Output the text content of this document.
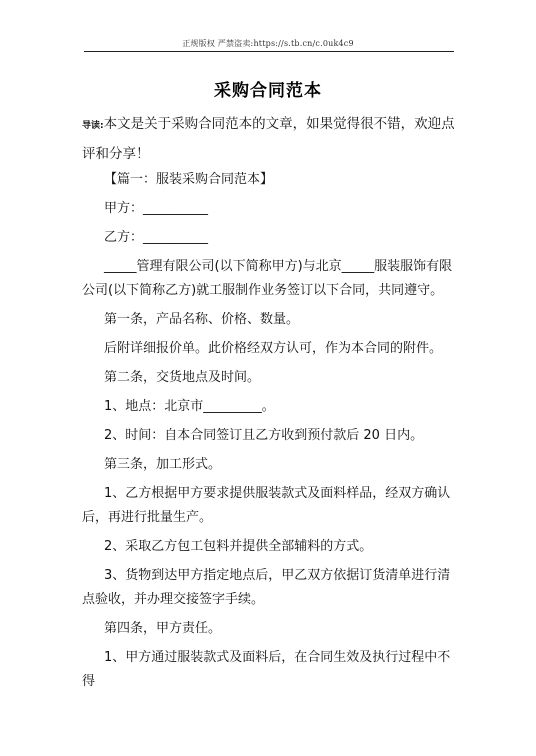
正规版权 严禁盗卖:https://s.tb.cn/c.0uk4c9
采购合同范本
导读:本文是关于采购合同范本的文章，如果觉得很不错，欢迎点评和分享！

【篇一：服装采购合同范本】

甲方：__________

乙方：__________

_____管理有限公司(以下简称甲方)与北京_____服装服饰有限公司(以下简称乙方)就工服制作业务签订以下合同，共同遵守。

第一条，产品名称、价格、数量。

后附详细报价单。此价格经双方认可，作为本合同的附件。

第二条，交货地点及时间。

1、地点：北京市_________。

2、时间：自本合同签订且乙方收到预付款后 20 日内。

第三条，加工形式。

1、乙方根据甲方要求提供服装款式及面料样品，经双方确认后，再进行批量生产。

2、采取乙方包工包料并提供全部辅料的方式。

3、货物到达甲方指定地点后，甲乙双方依据订货清单进行清点验收，并办理交接签字手续。

第四条，甲方责任。

1、甲方通过服装款式及面料后，在合同生效及执行过程中不得
